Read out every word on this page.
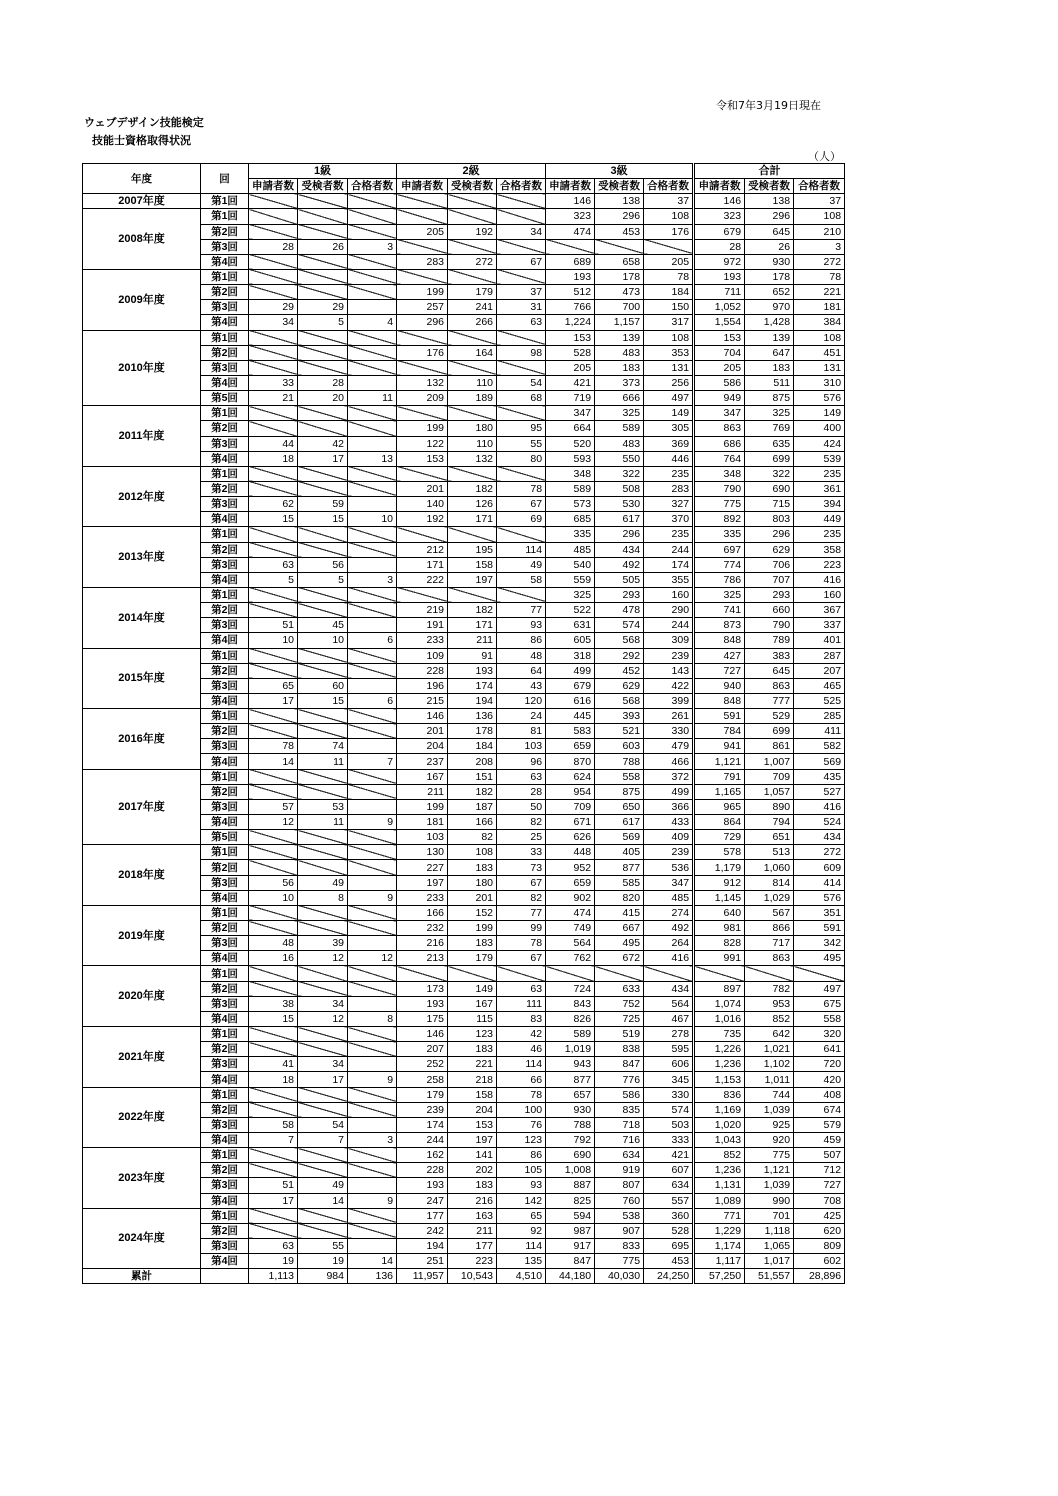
令和7年3月19日現在
ウェブデザイン技能検定
技能士資格取得状況
（人）
年度	回	1級			2級			3級			合計		
		申請者数	受検者数	合格者数	申請者数	受検者数	合格者数	申請者数	受検者数	合格者数	申請者数	受検者数	合格者数
2007年度	第1回							146	138	37	146	138	37
2008年度	第1回							323	296	108	323	296	108
	第2回				205	192	34	474	453	176	679	645	210
	第3回	28	26	3							28	26	3
	第4回				283	272	67	689	658	205	972	930	272
2009年度	第1回							193	178	78	193	178	78
	第2回				199	179	37	512	473	184	711	652	221
	第3回	29	29		257	241	31	766	700	150	1,052	970	181
	第4回	34	5	4	296	266	63	1,224	1,157	317	1,554	1,428	384
2010年度	第1回							153	139	108	153	139	108
	第2回				176	164	98	528	483	353	704	647	451
	第3回							205	183	131	205	183	131
	第4回	33	28		132	110	54	421	373	256	586	511	310
	第5回	21	20	11	209	189	68	719	666	497	949	875	576
2011年度	第1回							347	325	149	347	325	149
	第2回				199	180	95	664	589	305	863	769	400
	第3回	44	42		122	110	55	520	483	369	686	635	424
	第4回	18	17	13	153	132	80	593	550	446	764	699	539
2012年度	第1回							348	322	235	348	322	235
	第2回				201	182	78	589	508	283	790	690	361
	第3回	62	59		140	126	67	573	530	327	775	715	394
	第4回	15	15	10	192	171	69	685	617	370	892	803	449
2013年度	第1回							335	296	235	335	296	235
	第2回				212	195	114	485	434	244	697	629	358
	第3回	63	56		171	158	49	540	492	174	774	706	223
	第4回	5	5	3	222	197	58	559	505	355	786	707	416
2014年度	第1回							325	293	160	325	293	160
	第2回				219	182	77	522	478	290	741	660	367
	第3回	51	45		191	171	93	631	574	244	873	790	337
	第4回	10	10	6	233	211	86	605	568	309	848	789	401
2015年度	第1回				109	91	48	318	292	239	427	383	287
	第2回				228	193	64	499	452	143	727	645	207
	第3回	65	60		196	174	43	679	629	422	940	863	465
	第4回	17	15	6	215	194	120	616	568	399	848	777	525
2016年度	第1回				146	136	24	445	393	261	591	529	285
	第2回				201	178	81	583	521	330	784	699	411
	第3回	78	74		204	184	103	659	603	479	941	861	582
	第4回	14	11	7	237	208	96	870	788	466	1,121	1,007	569
2017年度	第1回				167	151	63	624	558	372	791	709	435
	第2回				211	182	28	954	875	499	1,165	1,057	527
	第3回	57	53		199	187	50	709	650	366	965	890	416
	第4回	12	11	9	181	166	82	671	617	433	864	794	524
	第5回				103	82	25	626	569	409	729	651	434
2018年度	第1回				130	108	33	448	405	239	578	513	272
	第2回				227	183	73	952	877	536	1,179	1,060	609
	第3回	56	49		197	180	67	659	585	347	912	814	414
	第4回	10	8	9	233	201	82	902	820	485	1,145	1,029	576
2019年度	第1回				166	152	77	474	415	274	640	567	351
	第2回				232	199	99	749	667	492	981	866	591
	第3回	48	39		216	183	78	564	495	264	828	717	342
	第4回	16	12	12	213	179	67	762	672	416	991	863	495
2020年度	第1回												
	第2回				173	149	63	724	633	434	897	782	497
	第3回	38	34		193	167	111	843	752	564	1,074	953	675
	第4回	15	12	8	175	115	83	826	725	467	1,016	852	558
2021年度	第1回				146	123	42	589	519	278	735	642	320
	第2回				207	183	46	1,019	838	595	1,226	1,021	641
	第3回	41	34		252	221	114	943	847	606	1,236	1,102	720
	第4回	18	17	9	258	218	66	877	776	345	1,153	1,011	420
2022年度	第1回				179	158	78	657	586	330	836	744	408
	第2回				239	204	100	930	835	574	1,169	1,039	674
	第3回	58	54		174	153	76	788	718	503	1,020	925	579
	第4回	7	7	3	244	197	123	792	716	333	1,043	920	459
2023年度	第1回				162	141	86	690	634	421	852	775	507
	第2回				228	202	105	1,008	919	607	1,236	1,121	712
	第3回	51	49		193	183	93	887	807	634	1,131	1,039	727
	第4回	17	14	9	247	216	142	825	760	557	1,089	990	708
2024年度	第1回				177	163	65	594	538	360	771	701	425
	第2回				242	211	92	987	907	528	1,229	1,118	620
	第3回	63	55		194	177	114	917	833	695	1,174	1,065	809
	第4回	19	19	14	251	223	135	847	775	453	1,117	1,017	602
累計		1,113	984	136	11,957	10,543	4,510	44,180	40,030	24,250	57,250	51,557	28,896
